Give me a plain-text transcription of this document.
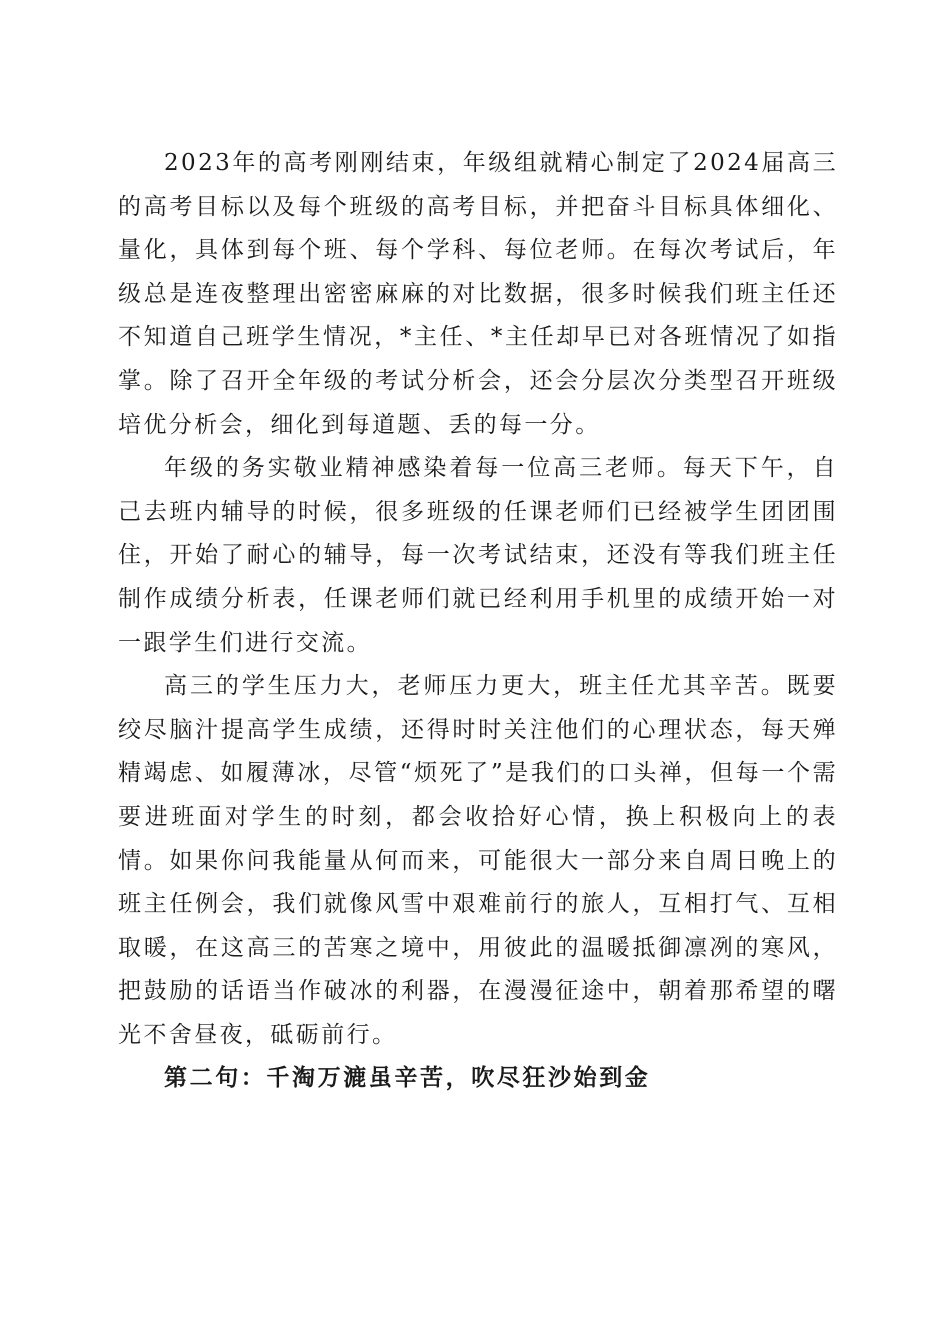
2023年的高考刚刚结束，年级组就精心制定了2024届高三的高考目标以及每个班级的高考目标，并把奋斗目标具体细化、量化，具体到每个班、每个学科、每位老师。在每次考试后，年级总是连夜整理出密密麻麻的对比数据，很多时候我们班主任还不知道自己班学生情况，*主任、*主任却早已对各班情况了如指掌。除了召开全年级的考试分析会，还会分层次分类型召开班级培优分析会，细化到每道题、丢的每一分。

年级的务实敬业精神感染着每一位高三老师。每天下午，自己去班内辅导的时候，很多班级的任课老师们已经被学生团团围住，开始了耐心的辅导，每一次考试结束，还没有等我们班主任制作成绩分析表，任课老师们就已经利用手机里的成绩开始一对一跟学生们进行交流。

高三的学生压力大，老师压力更大，班主任尤其辛苦。既要绞尽脑汁提高学生成绩，还得时时关注他们的心理状态，每天殚精竭虑、如履薄冰，尽管“烦死了”是我们的口头禅，但每一个需要进班面对学生的时刻，都会收拾好心情，换上积极向上的表情。如果你问我能量从何而来，可能很大一部分来自周日晚上的班主任例会，我们就像风雪中艰难前行的旅人，互相打气、互相取暖，在这高三的苦寒之境中，用彼此的温暖抵御凛冽的寒风，把鼓励的话语当作破冰的利器，在漫漫征途中，朝着那希望的曙光不舍昼夜，砥砺前行。

第二句：千淘万漉虽辛苦，吹尽狂沙始到金
